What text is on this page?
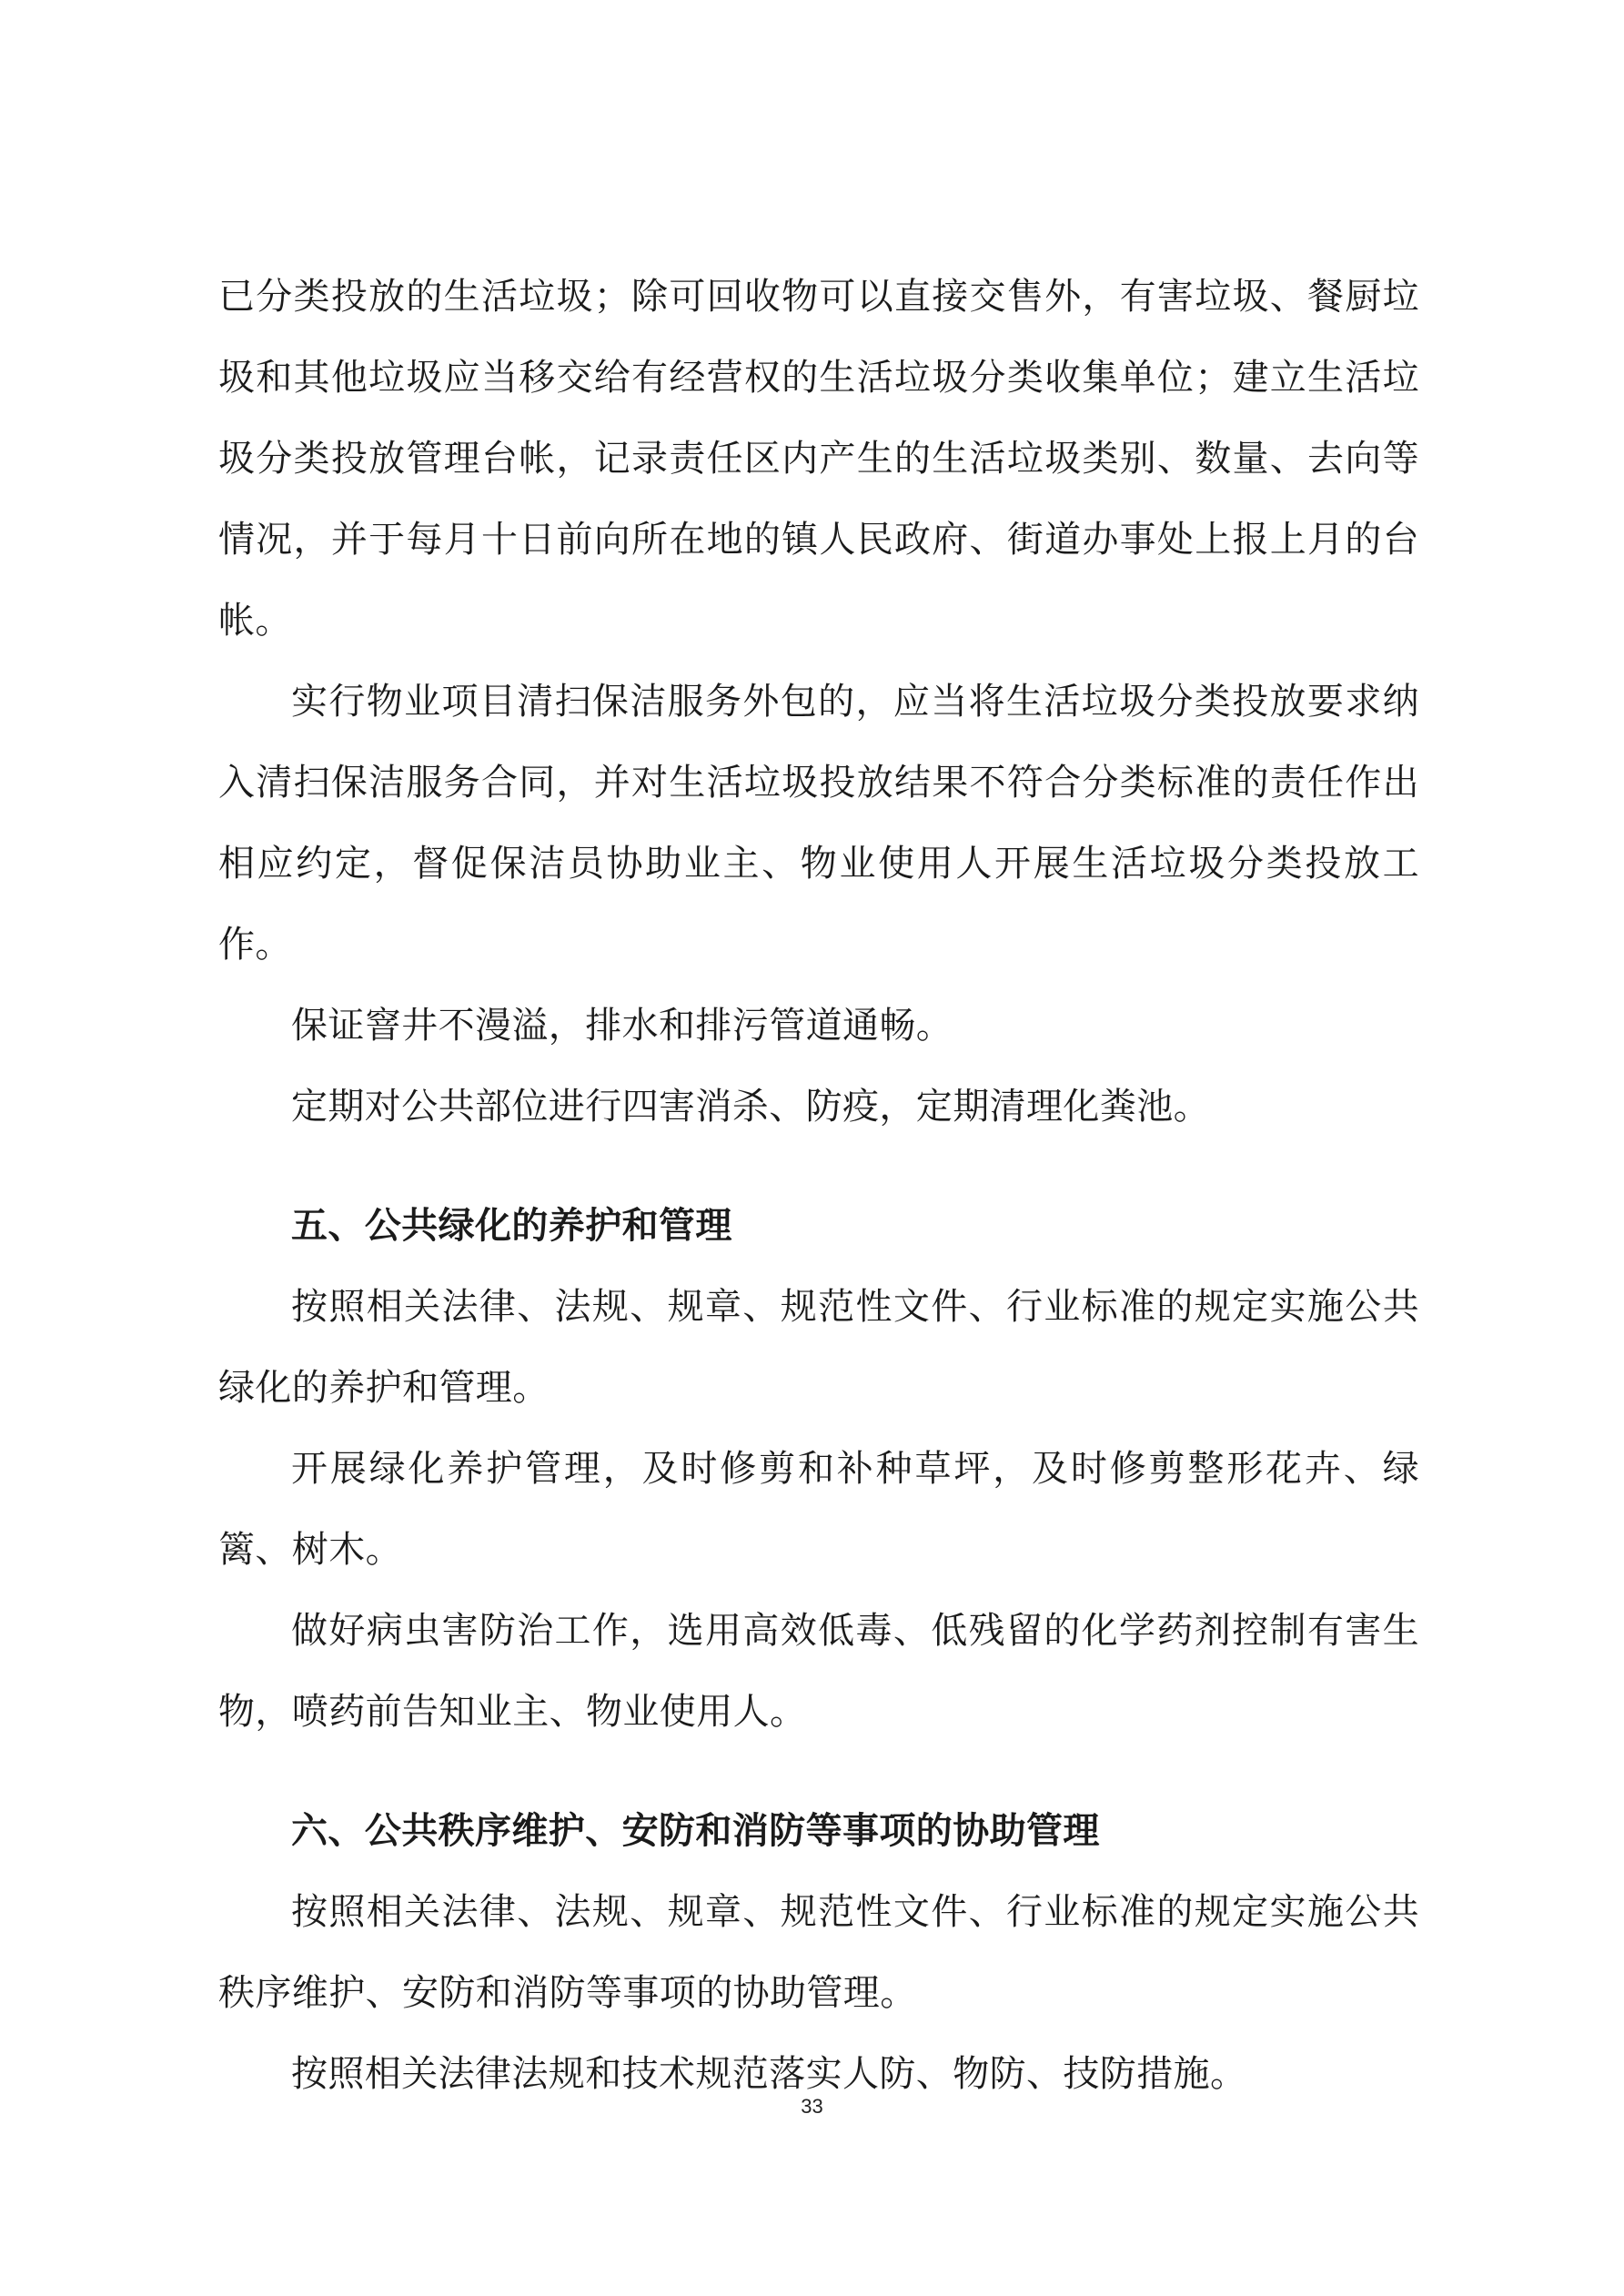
已分类投放的生活垃圾；除可回收物可以直接交售外，有害垃圾、餐厨垃圾和其他垃圾应当移交给有经营权的生活垃圾分类收集单位；建立生活垃圾分类投放管理台帐，记录责任区内产生的生活垃圾类别、数量、去向等情况，并于每月十日前向所在地的镇人民政府、街道办事处上报上月的台帐。

实行物业项目清扫保洁服务外包的，应当将生活垃圾分类投放要求纳入清扫保洁服务合同，并对生活垃圾投放结果不符合分类标准的责任作出相应约定，督促保洁员协助业主、物业使用人开展生活垃圾分类投放工作。

保证窨井不漫溢，排水和排污管道通畅。

定期对公共部位进行四害消杀、防疫，定期清理化粪池。

五、公共绿化的养护和管理

按照相关法律、法规、规章、规范性文件、行业标准的规定实施公共绿化的养护和管理。

开展绿化养护管理，及时修剪和补种草坪，及时修剪整形花卉、绿篱、树木。

做好病虫害防治工作，选用高效低毒、低残留的化学药剂控制有害生物，喷药前告知业主、物业使用人。

六、公共秩序维护、安防和消防等事项的协助管理

按照相关法律、法规、规章、规范性文件、行业标准的规定实施公共秩序维护、安防和消防等事项的协助管理。

按照相关法律法规和技术规范落实人防、物防、技防措施。

33
